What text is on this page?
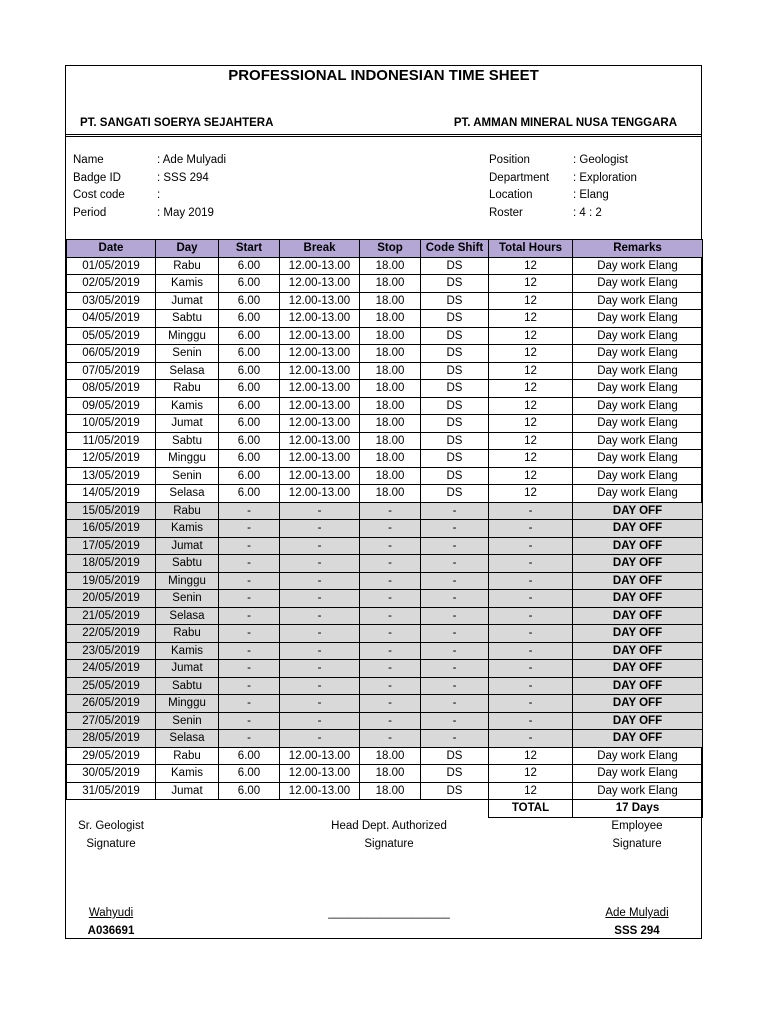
PROFESSIONAL INDONESIAN TIME SHEET
PT. SANGATI SOERYA SEJAHTERA	PT. AMMAN MINERAL NUSA TENGGARA
Name	: Ade Mulyadi
Badge ID	: SSS 294
Cost code	:
Period	: May 2019
Position	: Geologist
Department	: Exploration
Location	: Elang
Roster	: 4 : 2
Date	Day	Start	Break	Stop	Code Shift	Total Hours	Remarks
01/05/2019	Rabu	6.00	12.00-13.00	18.00	DS	12	Day work Elang
02/05/2019	Kamis	6.00	12.00-13.00	18.00	DS	12	Day work Elang
03/05/2019	Jumat	6.00	12.00-13.00	18.00	DS	12	Day work Elang
04/05/2019	Sabtu	6.00	12.00-13.00	18.00	DS	12	Day work Elang
05/05/2019	Minggu	6.00	12.00-13.00	18.00	DS	12	Day work Elang
06/05/2019	Senin	6.00	12.00-13.00	18.00	DS	12	Day work Elang
07/05/2019	Selasa	6.00	12.00-13.00	18.00	DS	12	Day work Elang
08/05/2019	Rabu	6.00	12.00-13.00	18.00	DS	12	Day work Elang
09/05/2019	Kamis	6.00	12.00-13.00	18.00	DS	12	Day work Elang
10/05/2019	Jumat	6.00	12.00-13.00	18.00	DS	12	Day work Elang
11/05/2019	Sabtu	6.00	12.00-13.00	18.00	DS	12	Day work Elang
12/05/2019	Minggu	6.00	12.00-13.00	18.00	DS	12	Day work Elang
13/05/2019	Senin	6.00	12.00-13.00	18.00	DS	12	Day work Elang
14/05/2019	Selasa	6.00	12.00-13.00	18.00	DS	12	Day work Elang
15/05/2019	Rabu	-	-	-	-	-	DAY OFF
16/05/2019	Kamis	-	-	-	-	-	DAY OFF
17/05/2019	Jumat	-	-	-	-	-	DAY OFF
18/05/2019	Sabtu	-	-	-	-	-	DAY OFF
19/05/2019	Minggu	-	-	-	-	-	DAY OFF
20/05/2019	Senin	-	-	-	-	-	DAY OFF
21/05/2019	Selasa	-	-	-	-	-	DAY OFF
22/05/2019	Rabu	-	-	-	-	-	DAY OFF
23/05/2019	Kamis	-	-	-	-	-	DAY OFF
24/05/2019	Jumat	-	-	-	-	-	DAY OFF
25/05/2019	Sabtu	-	-	-	-	-	DAY OFF
26/05/2019	Minggu	-	-	-	-	-	DAY OFF
27/05/2019	Senin	-	-	-	-	-	DAY OFF
28/05/2019	Selasa	-	-	-	-	-	DAY OFF
29/05/2019	Rabu	6.00	12.00-13.00	18.00	DS	12	Day work Elang
30/05/2019	Kamis	6.00	12.00-13.00	18.00	DS	12	Day work Elang
31/05/2019	Jumat	6.00	12.00-13.00	18.00	DS	12	Day work Elang
						TOTAL	17 Days
Sr. Geologist
Signature
Wahyudi
A036691
Head Dept. Authorized
Signature
___________________
Employee
Signature
Ade Mulyadi
SSS 294
